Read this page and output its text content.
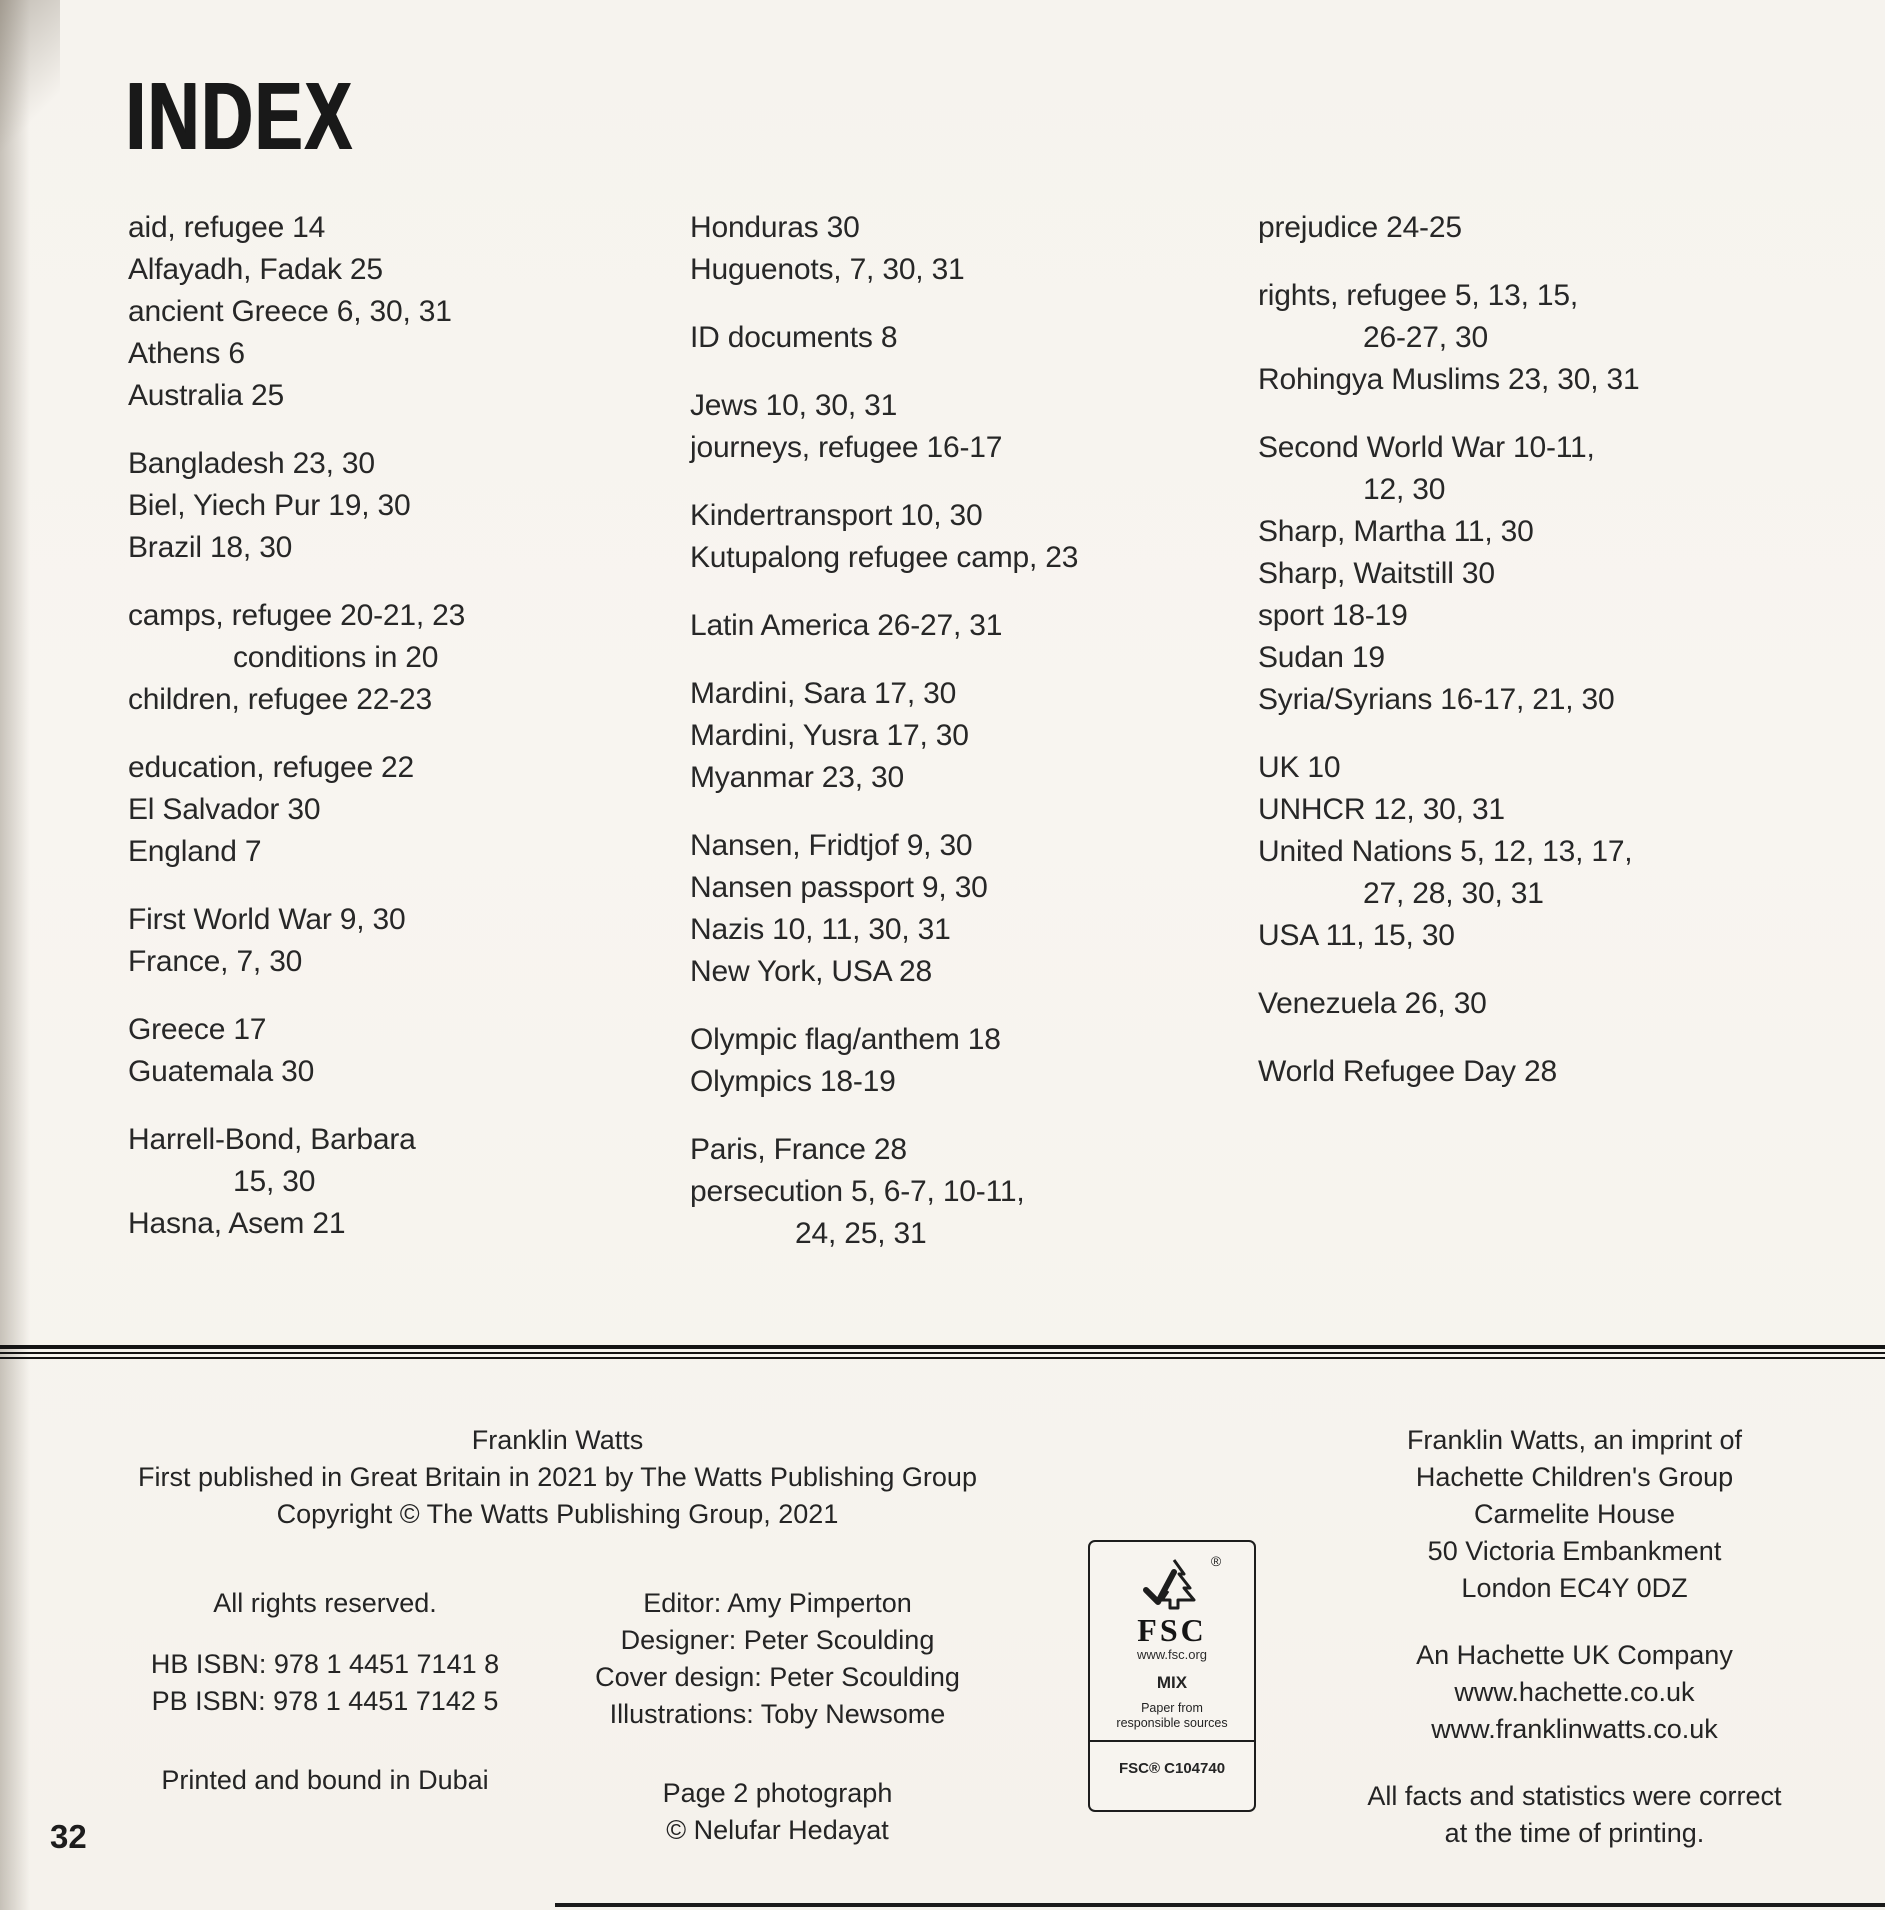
INDEX
aid, refugee 14
Alfayadh, Fadak 25
ancient Greece 6, 30, 31
Athens 6
Australia 25
Bangladesh 23, 30
Biel, Yiech Pur 19, 30
Brazil 18, 30
camps, refugee 20-21, 23
conditions in 20
children, refugee 22-23
education, refugee 22
El Salvador 30
England 7
First World War 9, 30
France, 7, 30
Greece 17
Guatemala 30
Harrell-Bond, Barbara
15, 30
Hasna, Asem 21
Honduras 30
Huguenots, 7, 30, 31
ID documents 8
Jews 10, 30, 31
journeys, refugee 16-17
Kindertransport 10, 30
Kutupalong refugee camp, 23
Latin America 26-27, 31
Mardini, Sara 17, 30
Mardini, Yusra 17, 30
Myanmar 23, 30
Nansen, Fridtjof 9, 30
Nansen passport 9, 30
Nazis 10, 11, 30, 31
New York, USA 28
Olympic flag/anthem 18
Olympics 18-19
Paris, France 28
persecution 5, 6-7, 10-11,
24, 25, 31
prejudice 24-25
rights, refugee 5, 13, 15,
26-27, 30
Rohingya Muslims 23, 30, 31
Second World War 10-11,
12, 30
Sharp, Martha 11, 30
Sharp, Waitstill 30
sport 18-19
Sudan 19
Syria/Syrians 16-17, 21, 30
UK 10
UNHCR 12, 30, 31
United Nations 5, 12, 13, 17,
27, 28, 30, 31
USA 11, 15, 30
Venezuela 26, 30
World Refugee Day 28
Franklin Watts
First published in Great Britain in 2021 by The Watts Publishing Group
Copyright © The Watts Publishing Group, 2021
All rights reserved.
HB ISBN: 978 1 4451 7141 8
PB ISBN: 978 1 4451 7142 5
Printed and bound in Dubai
Editor: Amy Pimperton
Designer: Peter Scoulding
Cover design: Peter Scoulding
Illustrations: Toby Newsome
Page 2 photograph
© Nelufar Hedayat
®
FSC
www.fsc.org
MIX
Paper from
responsible sources
FSC® C104740
Franklin Watts, an imprint of
Hachette Children's Group
Carmelite House
50 Victoria Embankment
London EC4Y 0DZ
An Hachette UK Company
www.hachette.co.uk
www.franklinwatts.co.uk
All facts and statistics were correct
at the time of printing.
32
